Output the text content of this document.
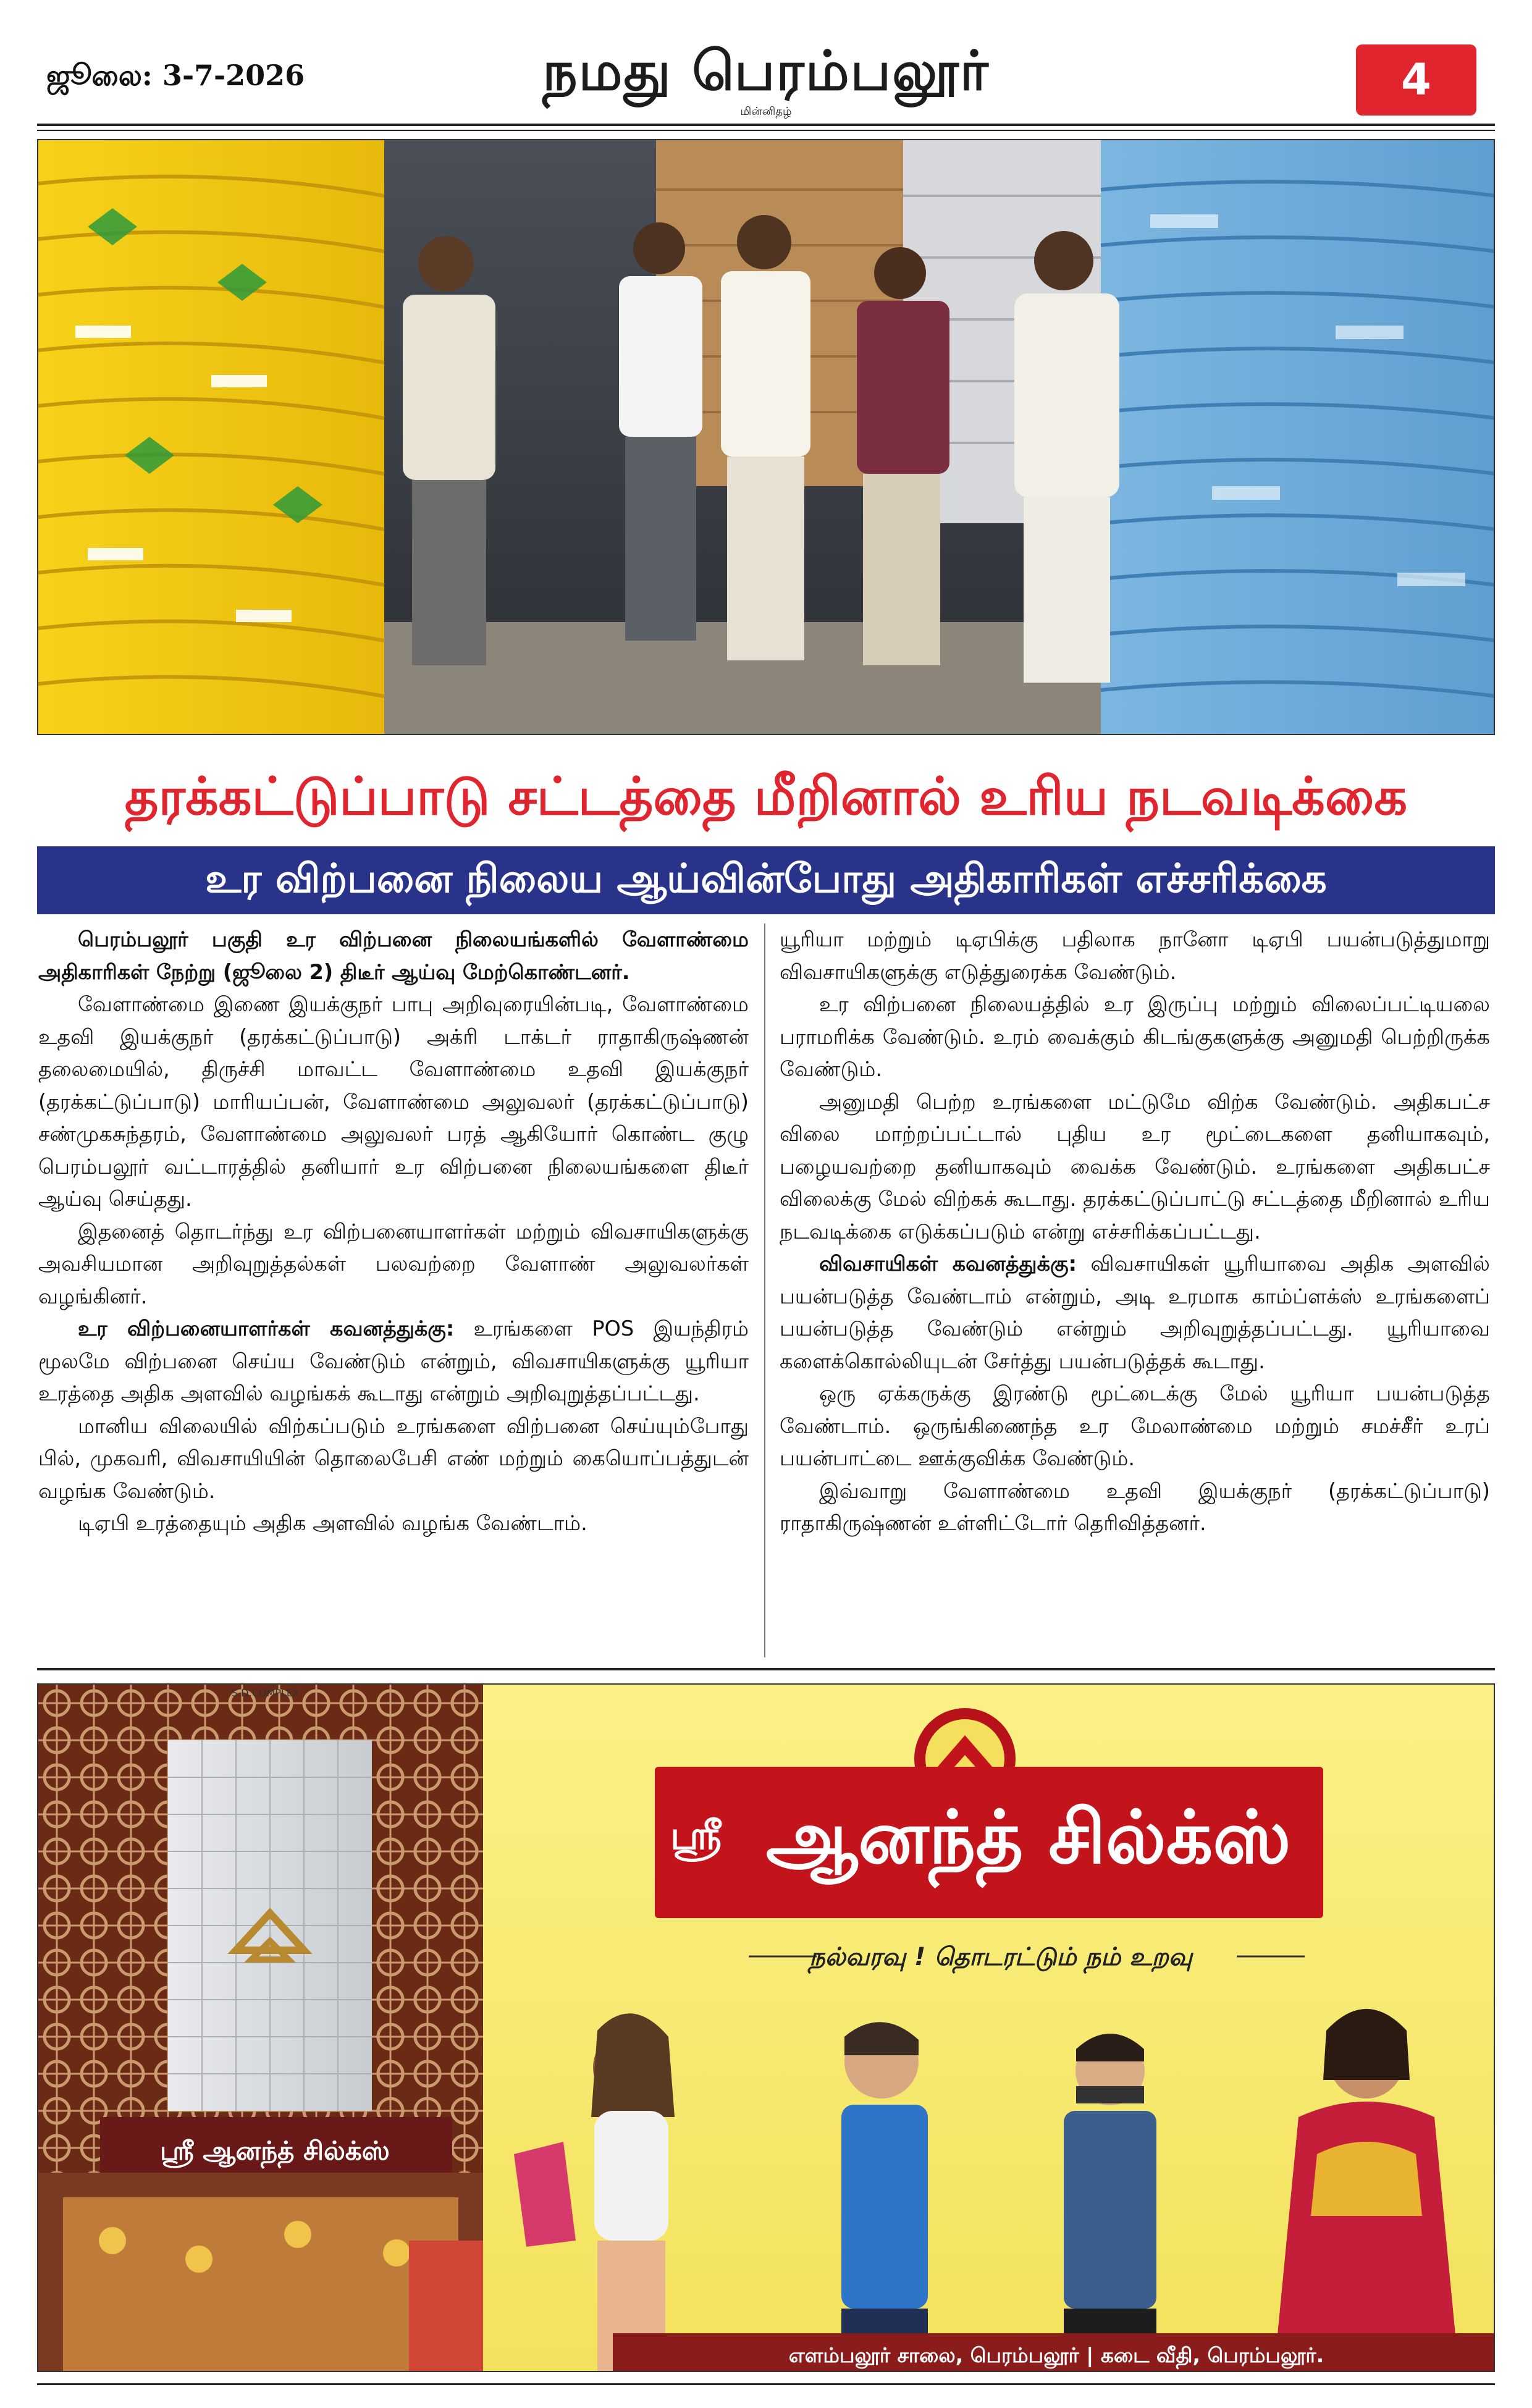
ஜூலை: 3-7-2026	நமது பெரம்பலூர்
மின்னிதழ்
4
தரக்கட்டுப்பாடு சட்டத்தை மீறினால் உரிய நடவடிக்கை
உர விற்பனை நிலைய ஆய்வின்போது அதிகாரிகள் எச்சரிக்கை

பெரம்பலூர் பகுதி உர விற்பனை நிலையங்களில் வேளாண்மை அதிகாரிகள் நேற்று (ஜூலை 2) திடீர் ஆய்வு மேற்கொண்டனர்.

வேளாண்மை இணை இயக்குநர் பாபு அறிவுரையின்படி, வேளாண்மை உதவி இயக்குநர் (தரக்கட்டுப்பாடு) அக்ரி டாக்டர் ராதாகிருஷ்ணன் தலைமையில், திருச்சி மாவட்ட வேளாண்மை உதவி இயக்குநர் (தரக்கட்டுப்பாடு) மாரியப்பன், வேளாண்மை அலுவலர் (தரக்கட்டுப்பாடு) சண்முகசுந்தரம், வேளாண்மை அலுவலர் பரத் ஆகியோர் கொண்ட குழு பெரம்பலூர் வட்டாரத்தில் தனியார் உர விற்பனை நிலையங்களை திடீர் ஆய்வு செய்தது.

இதனைத் தொடர்ந்து உர விற்பனையாளர்கள் மற்றும் விவசாயிகளுக்கு அவசியமான அறிவுறுத்தல்கள் பலவற்றை வேளாண் அலுவலர்கள் வழங்கினர்.

உர விற்பனையாளர்கள் கவனத்துக்கு: உரங்களை POS இயந்திரம் மூலமே விற்பனை செய்ய வேண்டும் என்றும், விவசாயிகளுக்கு யூரியா உரத்தை அதிக அளவில் வழங்கக் கூடாது என்றும் அறிவுறுத்தப்பட்டது.

மானிய விலையில் விற்கப்படும் உரங்களை விற்பனை செய்யும்போது பில், முகவரி, விவசாயியின் தொலைபேசி எண் மற்றும் கையொப்பத்துடன் வழங்க வேண்டும்.

டிஏபி உரத்தையும் அதிக அளவில் வழங்க வேண்டாம்.

யூரியா மற்றும் டிஏபிக்கு பதிலாக நானோ டிஏபி பயன்படுத்துமாறு விவசாயிகளுக்கு எடுத்துரைக்க வேண்டும்.

உர விற்பனை நிலையத்தில் உர இருப்பு மற்றும் விலைப்பட்டியலை பராமரிக்க வேண்டும். உரம் வைக்கும் கிடங்குகளுக்கு அனுமதி பெற்றிருக்க வேண்டும்.

அனுமதி பெற்ற உரங்களை மட்டுமே விற்க வேண்டும். அதிகபட்ச விலை மாற்றப்பட்டால் புதிய உர மூட்டைகளை தனியாகவும், பழையவற்றை தனியாகவும் வைக்க வேண்டும். உரங்களை அதிகபட்ச விலைக்கு மேல் விற்கக் கூடாது. தரக்கட்டுப்பாட்டு சட்டத்தை மீறினால் உரிய நடவடிக்கை எடுக்கப்படும் என்று எச்சரிக்கப்பட்டது.

விவசாயிகள் கவனத்துக்கு: விவசாயிகள் யூரியாவை அதிக அளவில் பயன்படுத்த வேண்டாம் என்றும், அடி உரமாக காம்ப்ளக்ஸ் உரங்களைப் பயன்படுத்த வேண்டும் என்றும் அறிவுறுத்தப்பட்டது. யூரியாவை களைக்கொல்லியுடன் சேர்த்து பயன்படுத்தக் கூடாது.

ஒரு ஏக்கருக்கு இரண்டு மூட்டைக்கு மேல் யூரியா பயன்படுத்த வேண்டாம். ஒருங்கிணைந்த உர மேலாண்மை மற்றும் சமச்சீர் உரப் பயன்பாட்டை ஊக்குவிக்க வேண்டும்.

இவ்வாறு வேளாண்மை உதவி இயக்குநர் (தரக்கட்டுப்பாடு) ராதாகிருஷ்ணன் உள்ளிட்டோர் தெரிவித்தனர்.

S.D.COMPLEX
ஸ்ரீ ஆனந்த் சில்க்ஸ்
ஸ்ரீ ஆனந்த் சில்க்ஸ்
நல்வரவு ! தொடரட்டும் நம் உறவு
எளம்பலூர் சாலை, பெரம்பலூர் | கடை வீதி, பெரம்பலூர்.
